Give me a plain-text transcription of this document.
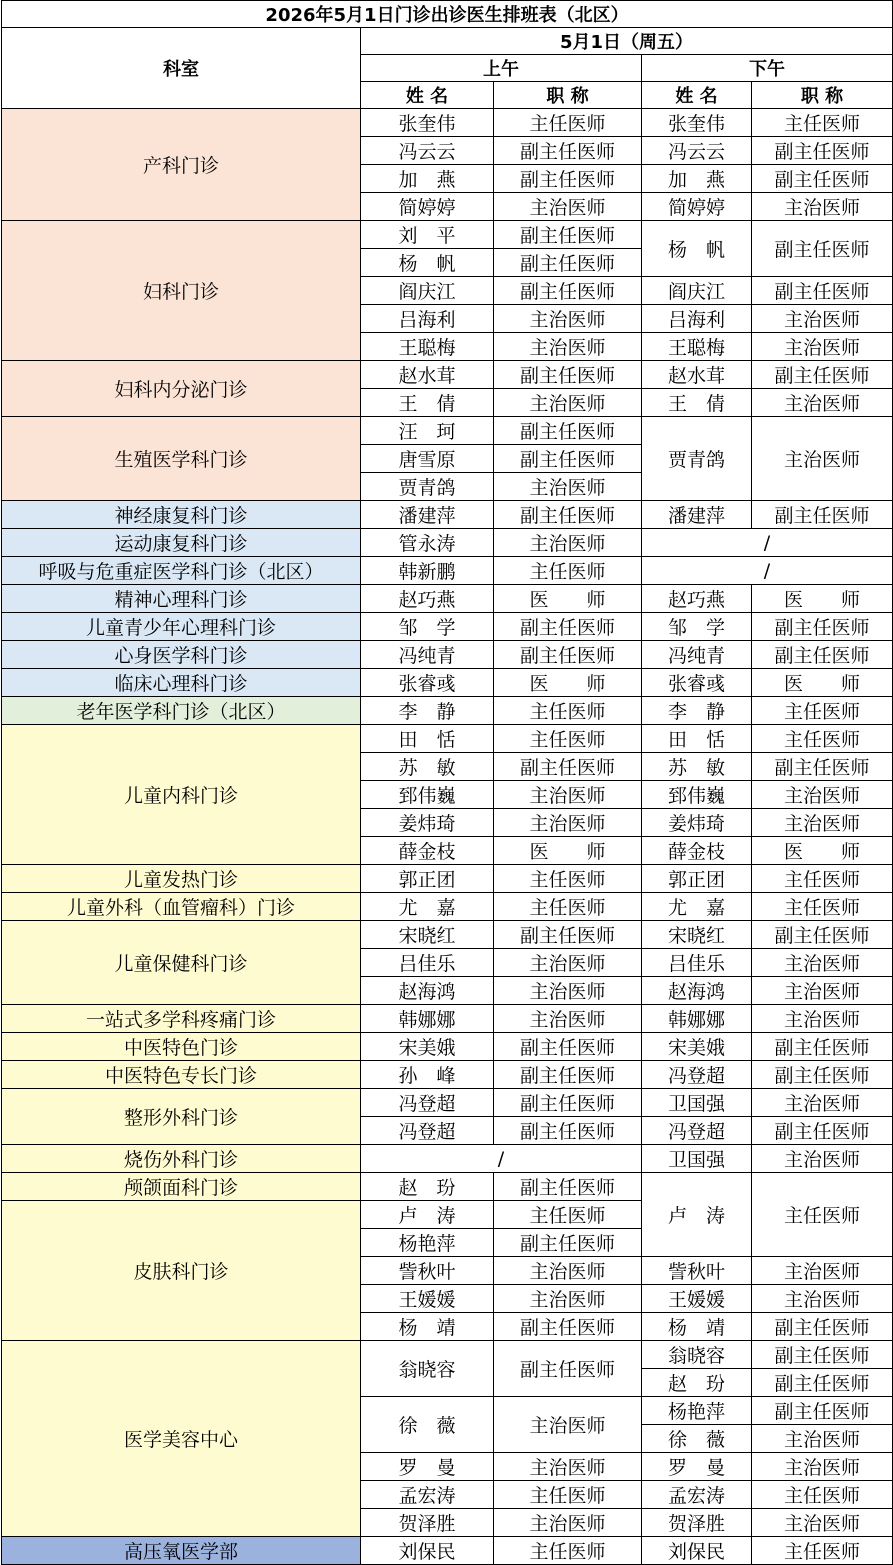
2026年5月1日门诊出诊医生排班表（北区）				
科室	5月1日（周五）			
	上午		下午	
	姓 名	职 称	姓 名	职 称
产科门诊	张奎伟	主任医师	张奎伟	主任医师
	冯云云	副主任医师	冯云云	副主任医师
	加　燕	副主任医师	加　燕	副主任医师
	简婷婷	主治医师	简婷婷	主治医师
妇科门诊	刘　平	副主任医师	杨　帆	副主任医师
	杨　帆	副主任医师		
	阎庆江	副主任医师	阎庆江	副主任医师
	吕海利	主治医师	吕海利	主治医师
	王聪梅	主治医师	王聪梅	主治医师
妇科内分泌门诊	赵水茸	副主任医师	赵水茸	副主任医师
	王　倩	主治医师	王　倩	主治医师
生殖医学科门诊	汪　珂	副主任医师	贾青鸽	主治医师
	唐雪原	副主任医师		
	贾青鸽	主治医师		
神经康复科门诊	潘建萍	副主任医师	潘建萍	副主任医师
运动康复科门诊	管永涛	主治医师	/	
呼吸与危重症医学科门诊（北区）	韩新鹏	主任医师	/	
精神心理科门诊	赵巧燕	医　　师	赵巧燕	医　　师
儿童青少年心理科门诊	邹　学	副主任医师	邹　学	副主任医师
心身医学科门诊	冯纯青	副主任医师	冯纯青	副主任医师
临床心理科门诊	张睿彧	医　　师	张睿彧	医　　师
老年医学科门诊（北区）	李　静	主任医师	李　静	主任医师
儿童内科门诊	田　恬	主任医师	田　恬	主任医师
	苏　敏	副主任医师	苏　敏	副主任医师
	郅伟巍	主治医师	郅伟巍	主治医师
	姜炜琦	主治医师	姜炜琦	主治医师
	薛金枝	医　　师	薛金枝	医　　师
儿童发热门诊	郭正团	主任医师	郭正团	主任医师
儿童外科（血管瘤科）门诊	尤　嘉	主任医师	尤　嘉	主任医师
儿童保健科门诊	宋晓红	副主任医师	宋晓红	副主任医师
	吕佳乐	主治医师	吕佳乐	主治医师
	赵海鸿	主治医师	赵海鸿	主治医师
一站式多学科疼痛门诊	韩娜娜	主治医师	韩娜娜	主治医师
中医特色门诊	宋美娥	副主任医师	宋美娥	副主任医师
中医特色专长门诊	孙　峰	副主任医师	冯登超	副主任医师
整形外科门诊	冯登超	副主任医师	卫国强	主治医师
	冯登超	副主任医师	冯登超	副主任医师
烧伤外科门诊	/		卫国强	主治医师
颅颌面科门诊	赵　玢	副主任医师	卢　涛	主任医师
皮肤科门诊	卢　涛	主任医师		
	杨艳萍	副主任医师		
	訾秋叶	主治医师	訾秋叶	主治医师
	王媛媛	主治医师	王媛媛	主治医师
	杨　靖	副主任医师	杨　靖	副主任医师
医学美容中心	翁晓容	副主任医师	翁晓容	副主任医师
			赵　玢	副主任医师
	徐　薇	主治医师	杨艳萍	副主任医师
			徐　薇	主治医师
	罗　曼	主治医师	罗　曼	主治医师
	孟宏涛	主任医师	孟宏涛	主任医师
	贺泽胜	主治医师	贺泽胜	主治医师
高压氧医学部	刘保民	主任医师	刘保民	主任医师
